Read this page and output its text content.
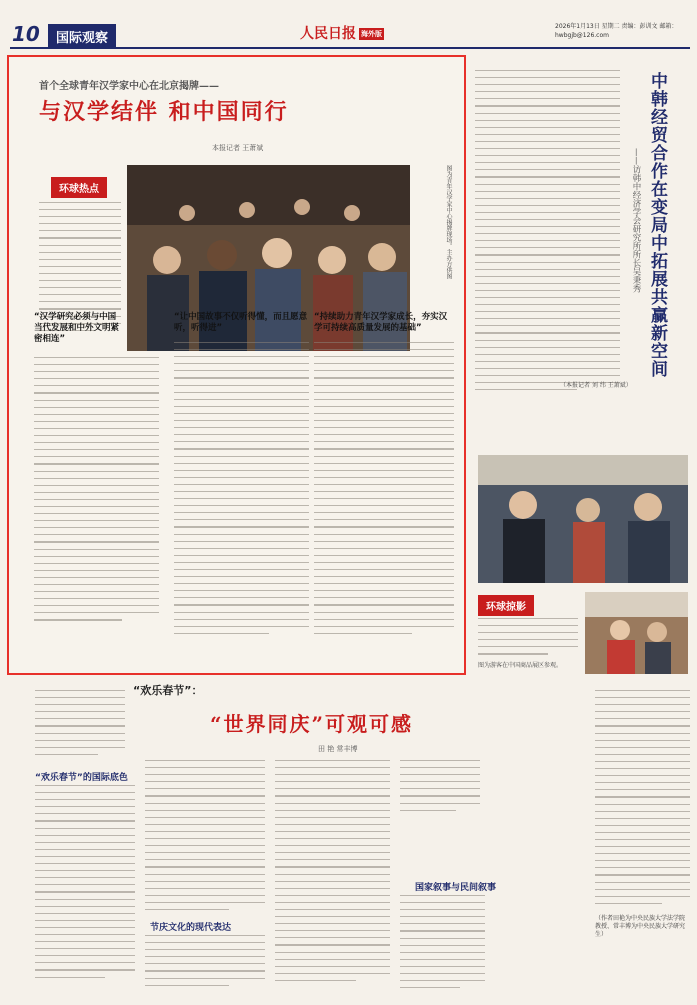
10	国际观察	人民日报 海外版
2026年1月13日 星期二 责编：彭训文 邮箱：hwbgjb@126.com
首个全球青年汉学家中心在北京揭牌——
与汉学结伴 和中国同行
本报记者 王萧斌
环球热点	图为青年汉学家中心揭牌现场。主办方供图
“汉学研究必须与中国当代发展和中外文明紧密相连”
“让中国故事不仅听得懂，而且愿意听，听得进”
“持续助力青年汉学家成长，夯实汉学可持续高质量发展的基础”	中韩经贸合作在变局中拓展共赢新空间
——访韩中经济学会研究所所长吴秉秀
（本报记者 刘 纬 王萧斌）
环球掠影
图为游客在中国商品展区参观。
“欢乐春节”：
“世界同庆”可观可感
田 艳 常丰博
“欢乐春节”的国际底色
节庆文化的现代表达
国家叙事与民间叙事
（作者田艳为中央民族大学法学院教授、常丰博为中央民族大学研究生）
